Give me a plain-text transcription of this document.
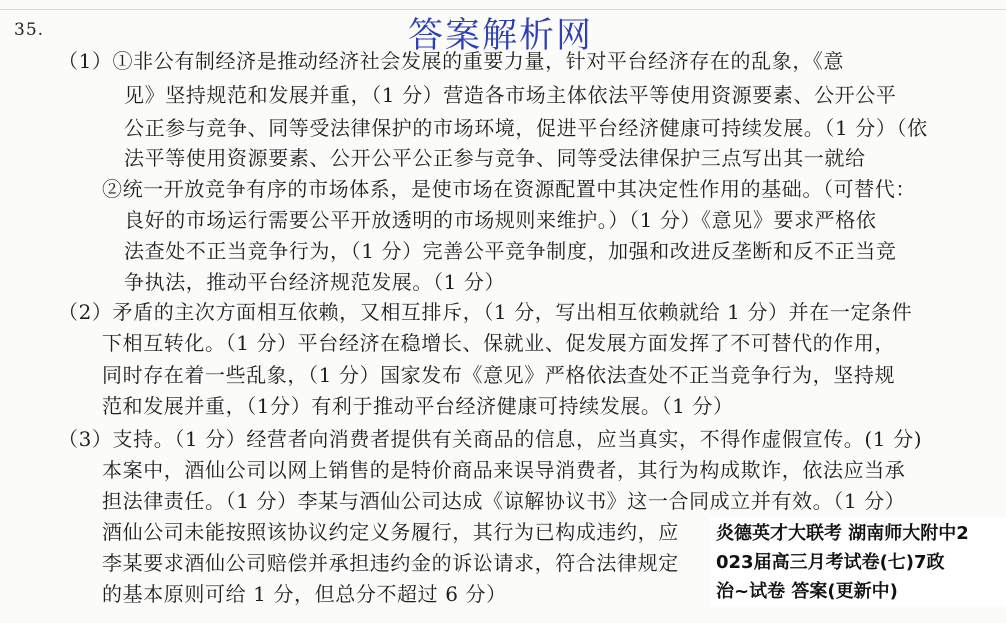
35.	答案解析网
（1）①非公有制经济是推动经济社会发展的重要力量，针对平台经济存在的乱象，《意
见》坚持规范和发展并重，（1 分）营造各市场主体依法平等使用资源要素、公开公平
公正参与竞争、同等受法律保护的市场环境，促进平台经济健康可持续发展。（1 分）（依
法平等使用资源要素、公开公平公正参与竞争、同等受法律保护三点写出其一就给
②统一开放竞争有序的市场体系，是使市场在资源配置中其决定性作用的基础。（可替代：
良好的市场运行需要公平开放透明的市场规则来维护。）（1 分）《意见》要求严格依
法查处不正当竞争行为，（1 分）完善公平竞争制度，加强和改进反垄断和反不正当竞
争执法，推动平台经济规范发展。（1 分）
（2）矛盾的主次方面相互依赖，又相互排斥，（1 分，写出相互依赖就给 1 分）并在一定条件
下相互转化。（1 分）平台经济在稳增长、保就业、促发展方面发挥了不可替代的作用，
同时存在着一些乱象，（1 分）国家发布《意见》严格依法查处不正当竞争行为，坚持规
范和发展并重，（1分）有利于推动平台经济健康可持续发展。（1 分）
（3）支持。（1 分）经营者向消费者提供有关商品的信息，应当真实，不得作虚假宣传。(1 分)
本案中，酒仙公司以网上销售的是特价商品来误导消费者，其行为构成欺诈，依法应当承
担法律责任。（1 分）李某与酒仙公司达成《谅解协议书》这一合同成立并有效。（1 分）
酒仙公司未能按照该协议约定义务履行，其行为已构成违约，应
李某要求酒仙公司赔偿并承担违约金的诉讼请求，符合法律规定
的基本原则可给 1 分，但总分不超过 6 分）
炎德英才大联考 湖南师大附中2
023届高三月考试卷(七)7政
治~试卷 答案(更新中)
